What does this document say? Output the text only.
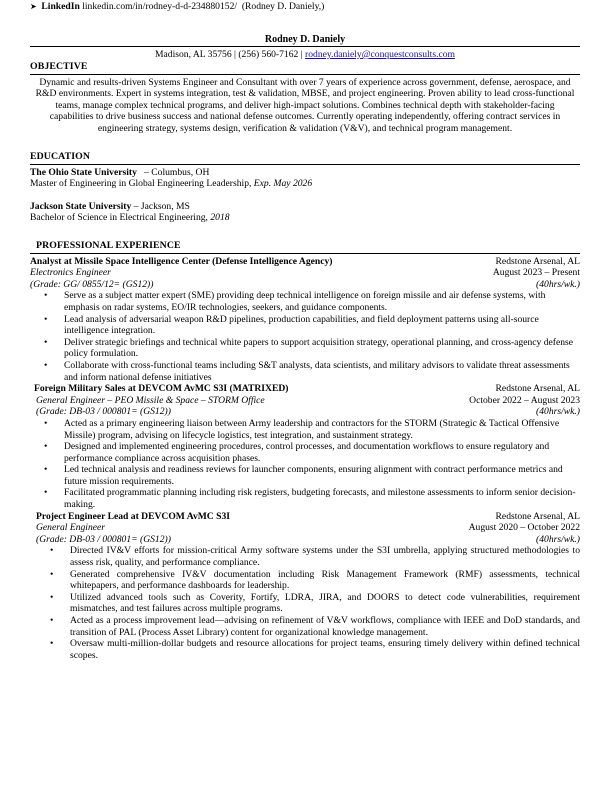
➤ LinkedIn linkedin.com/in/rodney-d-d-234880152/ (Rodney D. Daniely,)
Rodney D. Daniely
Madison, AL 35756 | (256) 560-7162 | rodney.daniely@conquestconsults.com
OBJECTIVE
Dynamic and results-driven Systems Engineer and Consultant with over 7 years of experience across government, defense, aerospace, and R&D environments. Expert in systems integration, test & validation, MBSE, and project engineering. Proven ability to lead cross-functional teams, manage complex technical programs, and deliver high-impact solutions. Combines technical depth with stakeholder-facing capabilities to drive business success and national defense outcomes. Currently operating independently, offering contract services in engineering strategy, systems design, verification & validation (V&V), and technical program management.
EDUCATION
The Ohio State University   – Columbus, OH
Master of Engineering in Global Engineering Leadership, Exp. May 2026
Jackson State University – Jackson, MS
Bachelor of Science in Electrical Engineering, 2018
PROFESSIONAL EXPERIENCE
Analyst at Missile Space Intelligence Center (Defense Intelligence Agency)	Redstone Arsenal, AL
Electronics Engineer	August 2023 – Present
(Grade: GG/ 0855/12= (GS12))	(40hrs/wk.)
• Serve as a subject matter expert (SME) providing deep technical intelligence on foreign missile and air defense systems, with emphasis on radar systems, EO/IR technologies, seekers, and guidance components.
• Lead analysis of adversarial weapon R&D pipelines, production capabilities, and field deployment patterns using all-source intelligence integration.
• Deliver strategic briefings and technical white papers to support acquisition strategy, operational planning, and cross-agency defense policy formulation.
• Collaborate with cross-functional teams including S&T analysts, data scientists, and military advisors to validate threat assessments and inform national defense initiatives
Foreign Military Sales at DEVCOM AvMC S3I (MATRIXED)	Redstone Arsenal, AL
General Engineer – PEO Missile & Space – STORM Office	October 2022 – August 2023
(Grade: DB-03 / 000801= (GS12))	(40hrs/wk.)
• Acted as a primary engineering liaison between Army leadership and contractors for the STORM (Strategic & Tactical Offensive Missile) program, advising on lifecycle logistics, test integration, and sustainment strategy.
• Designed and implemented engineering procedures, control processes, and documentation workflows to ensure regulatory and performance compliance across acquisition phases.
• Led technical analysis and readiness reviews for launcher components, ensuring alignment with contract performance metrics and future mission requirements.
• Facilitated programmatic planning including risk registers, budgeting forecasts, and milestone assessments to inform senior decision-making.
Project Engineer Lead at DEVCOM AvMC S3I	Redstone Arsenal, AL
General Engineer	August 2020 – October 2022
(Grade: DB-03 / 000801= (GS12))	(40hrs/wk.)
• Directed IV&V efforts for mission-critical Army software systems under the S3I umbrella, applying structured methodologies to assess risk, quality, and performance compliance.
• Generated comprehensive IV&V documentation including Risk Management Framework (RMF) assessments, technical whitepapers, and performance dashboards for leadership.
• Utilized advanced tools such as Coverity, Fortify, LDRA, JIRA, and DOORS to detect code vulnerabilities, requirement mismatches, and test failures across multiple programs.
• Acted as a process improvement lead—advising on refinement of V&V workflows, compliance with IEEE and DoD standards, and transition of PAL (Process Asset Library) content for organizational knowledge management.
• Oversaw multi-million-dollar budgets and resource allocations for project teams, ensuring timely delivery within defined technical scopes.
